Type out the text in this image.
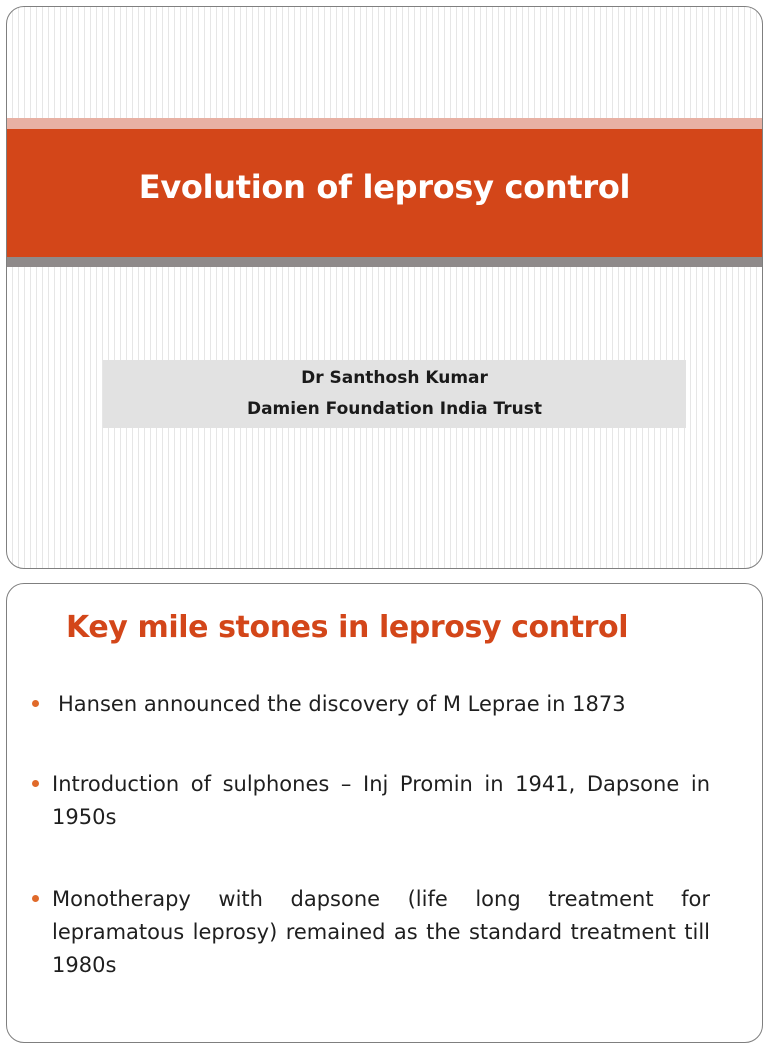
Evolution of leprosy control
Dr Santhosh Kumar
Damien Foundation India Trust
Key mile stones in leprosy control
Hansen announced the discovery of M Leprae in 1873
Introduction of sulphones – Inj Promin in 1941, Dapsone in 1950s
Monotherapy with dapsone (life long treatment for lepramatous leprosy) remained as the standard treatment till 1980s
